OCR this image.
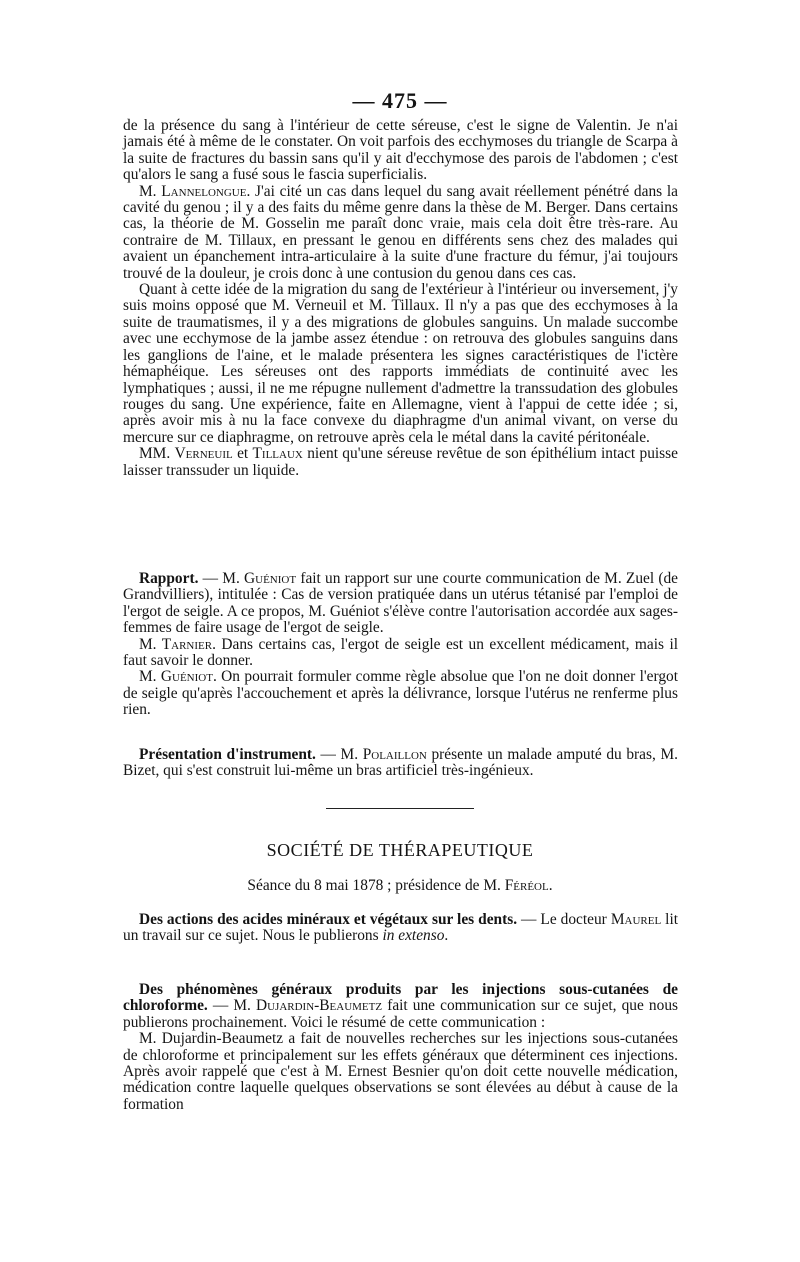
— 475 —

de la présence du sang à l'intérieur de cette séreuse, c'est le signe de Valentin. Je n'ai jamais été à même de le constater. On voit parfois des ecchymoses du triangle de Scarpa à la suite de fractures du bassin sans qu'il y ait d'ecchymose des parois de l'abdomen ; c'est qu'alors le sang a fusé sous le fascia superficialis.

M. Lannelongue. J'ai cité un cas dans lequel du sang avait réellement pénétré dans la cavité du genou ; il y a des faits du même genre dans la thèse de M. Berger. Dans certains cas, la théorie de M. Gosselin me paraît donc vraie, mais cela doit être très-rare. Au contraire de M. Tillaux, en pressant le genou en différents sens chez des malades qui avaient un épanchement intra-articulaire à la suite d'une fracture du fémur, j'ai toujours trouvé de la douleur, je crois donc à une contusion du genou dans ces cas.

Quant à cette idée de la migration du sang de l'extérieur à l'intérieur ou inversement, j'y suis moins opposé que M. Verneuil et M. Tillaux. Il n'y a pas que des ecchymoses à la suite de traumatismes, il y a des migrations de globules sanguins. Un malade succombe avec une ecchymose de la jambe assez étendue : on retrouva des globules sanguins dans les ganglions de l'aine, et le malade présentera les signes caractéristiques de l'ictère hémaphéique. Les séreuses ont des rapports immédiats de continuité avec les lymphatiques ; aussi, il ne me répugne nullement d'admettre la transsudation des globules rouges du sang. Une expérience, faite en Allemagne, vient à l'appui de cette idée ; si, après avoir mis à nu la face convexe du diaphragme d'un animal vivant, on verse du mercure sur ce diaphragme, on retrouve après cela le métal dans la cavité péritonéale.

MM. Verneuil et Tillaux nient qu'une séreuse revêtue de son épithélium intact puisse laisser transsuder un liquide.

Rapport. — M. Guéniot fait un rapport sur une courte communication de M. Zuel (de Grandvilliers), intitulée : Cas de version pratiquée dans un utérus tétanisé par l'emploi de l'ergot de seigle. A ce propos, M. Guéniot s'élève contre l'autorisation accordée aux sages-femmes de faire usage de l'ergot de seigle.

M. Tarnier. Dans certains cas, l'ergot de seigle est un excellent médicament, mais il faut savoir le donner.

M. Guéniot. On pourrait formuler comme règle absolue que l'on ne doit donner l'ergot de seigle qu'après l'accouchement et après la délivrance, lorsque l'utérus ne renferme plus rien.

Présentation d'instrument. — M. Polaillon présente un malade amputé du bras, M. Bizet, qui s'est construit lui-même un bras artificiel très-ingénieux.

SOCIÉTÉ DE THÉRAPEUTIQUE
Séance du 8 mai 1878 ; présidence de M. Féréol.

Des actions des acides minéraux et végétaux sur les dents. — Le docteur Maurel lit un travail sur ce sujet. Nous le publierons in extenso.

Des phénomènes généraux produits par les injections sous-cutanées de chloroforme. — M. Dujardin-Beaumetz fait une communication sur ce sujet, que nous publierons prochainement. Voici le résumé de cette communication :

M. Dujardin-Beaumetz a fait de nouvelles recherches sur les injections sous-cutanées de chloroforme et principalement sur les effets généraux que déterminent ces injections. Après avoir rappelé que c'est à M. Ernest Besnier qu'on doit cette nouvelle médication, médication contre laquelle quelques observations se sont élevées au début à cause de la formation
